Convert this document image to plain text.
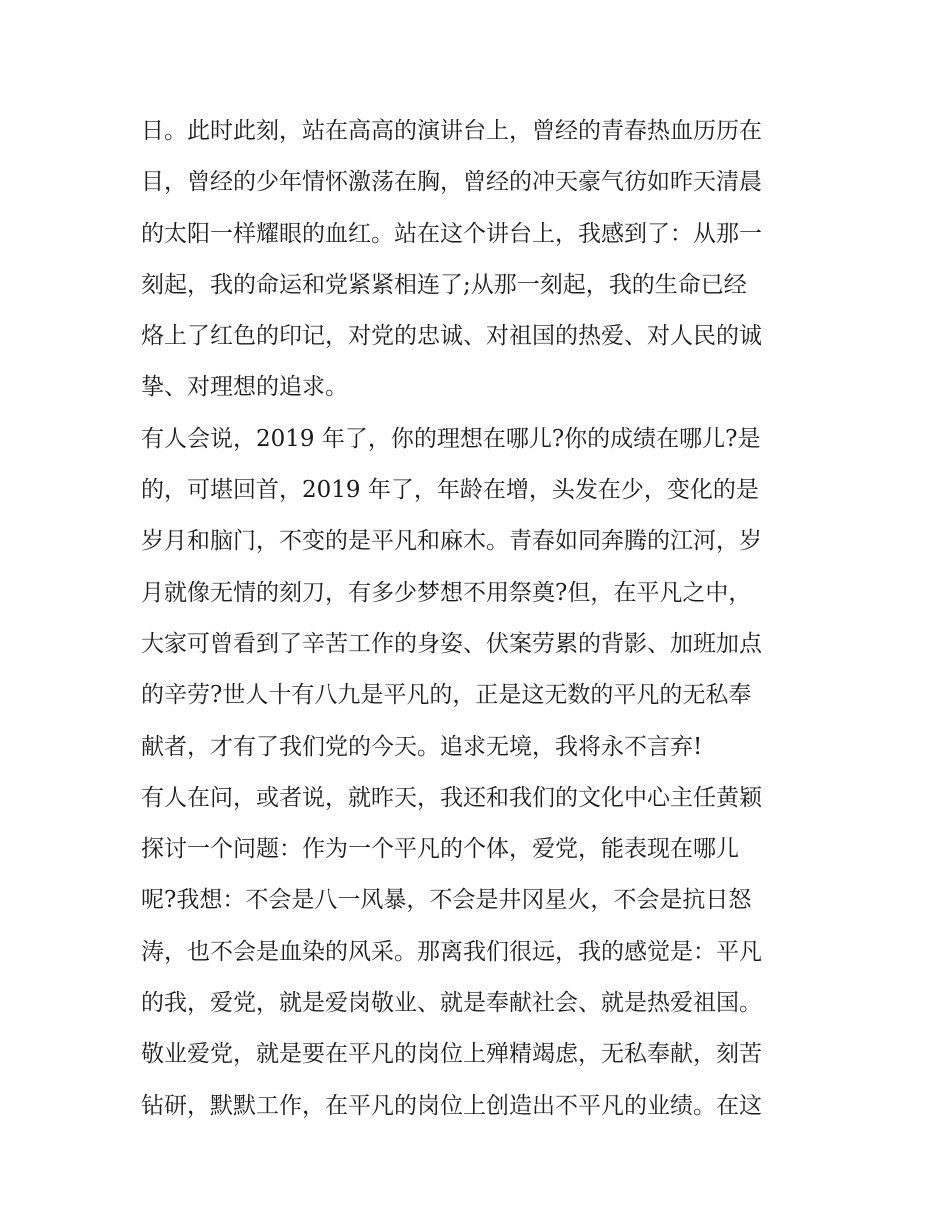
日。此时此刻，站在高高的演讲台上，曾经的青春热血历历在
目，曾经的少年情怀激荡在胸，曾经的冲天豪气彷如昨天清晨
的太阳一样耀眼的血红。站在这个讲台上，我感到了：从那一
刻起，我的命运和党紧紧相连了;从那一刻起，我的生命已经
烙上了红色的印记，对党的忠诚、对祖国的热爱、对人民的诚
挚、对理想的追求。
有人会说，2019 年了，你的理想在哪儿?你的成绩在哪儿?是
的，可堪回首，2019 年了，年龄在增，头发在少，变化的是
岁月和脑门，不变的是平凡和麻木。青春如同奔腾的江河，岁
月就像无情的刻刀，有多少梦想不用祭奠?但，在平凡之中，
大家可曾看到了辛苦工作的身姿、伏案劳累的背影、加班加点
的辛劳?世人十有八九是平凡的，正是这无数的平凡的无私奉
献者，才有了我们党的今天。追求无境，我将永不言弃!
有人在问，或者说，就昨天，我还和我们的文化中心主任黄颖
探讨一个问题：作为一个平凡的个体，爱党，能表现在哪儿
呢?我想：不会是八一风暴，不会是井冈星火，不会是抗日怒
涛，也不会是血染的风采。那离我们很远，我的感觉是：平凡
的我，爱党，就是爱岗敬业、就是奉献社会、就是热爱祖国。
敬业爱党，就是要在平凡的岗位上殚精竭虑，无私奉献，刻苦
钻研，默默工作，在平凡的岗位上创造出不平凡的业绩。在这
